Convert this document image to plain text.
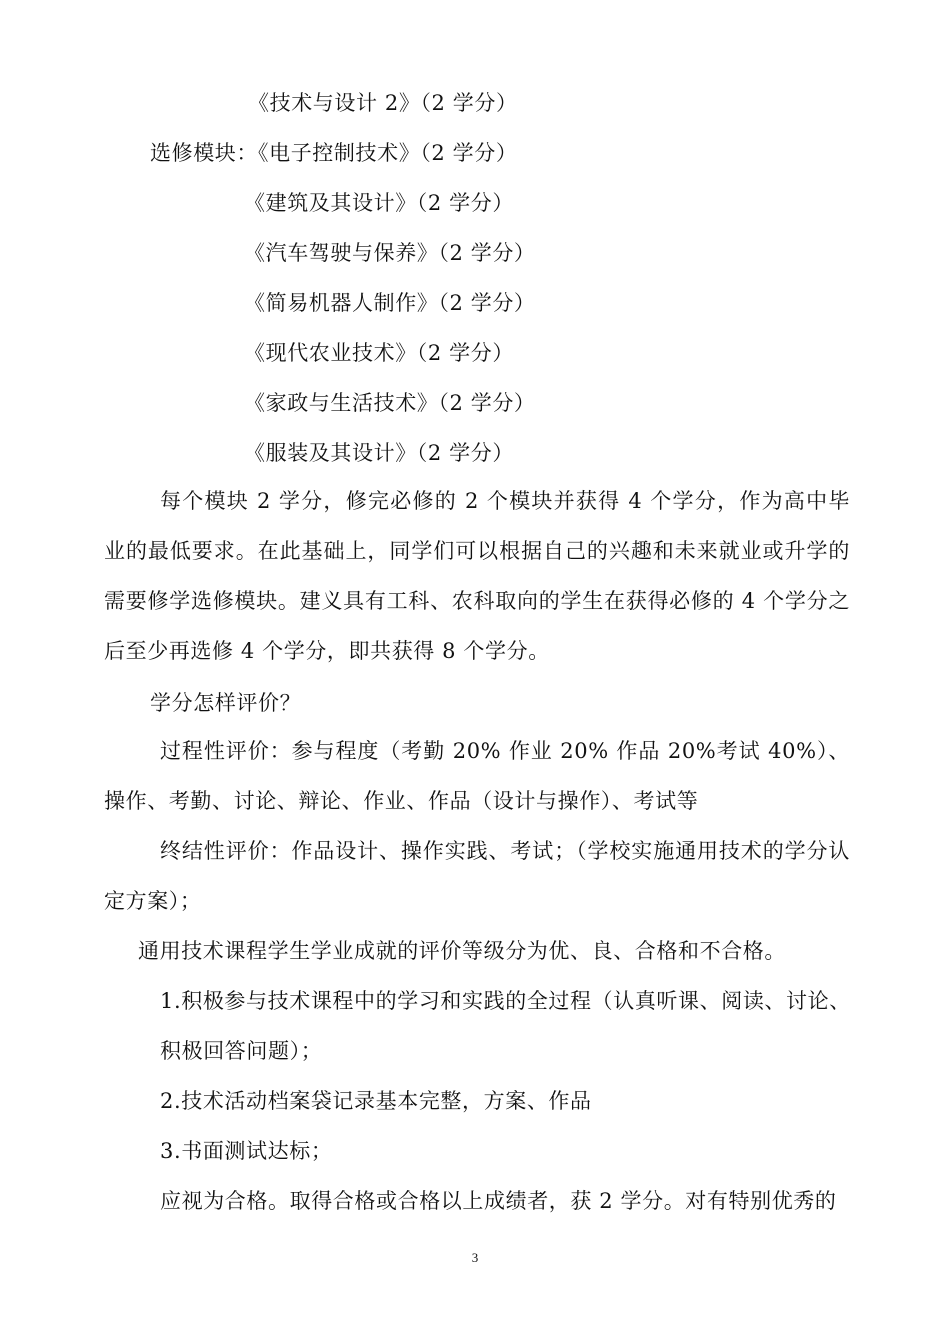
《技术与设计 2》（2 学分）
选修模块：《电子控制技术》（2 学分）
《建筑及其设计》（2 学分）
《汽车驾驶与保养》（2 学分）
《简易机器人制作》（2 学分）
《现代农业技术》（2 学分）
《家政与生活技术》（2 学分）
《服装及其设计》（2 学分）
每个模块 2 学分，修完必修的 2 个模块并获得 4 个学分，作为高中毕业的最低要求。在此基础上，同学们可以根据自己的兴趣和未来就业或升学的需要修学选修模块。建义具有工科、农科取向的学生在获得必修的 4 个学分之后至少再选修 4 个学分，即共获得 8 个学分。
学分怎样评价？
过程性评价：参与程度（考勤 20% 作业 20% 作品 20%考试 40%）、操作、考勤、讨论、辩论、作业、作品（设计与操作）、考试等
终结性评价：作品设计、操作实践、考试；（学校实施通用技术的学分认定方案）；
通用技术课程学生学业成就的评价等级分为优、良、合格和不合格。
1.积极参与技术课程中的学习和实践的全过程（认真听课、阅读、讨论、
积极回答问题）；
2.技术活动档案袋记录基本完整，方案、作品
3.书面测试达标；
应视为合格。取得合格或合格以上成绩者，获 2 学分。对有特别优秀的
3
